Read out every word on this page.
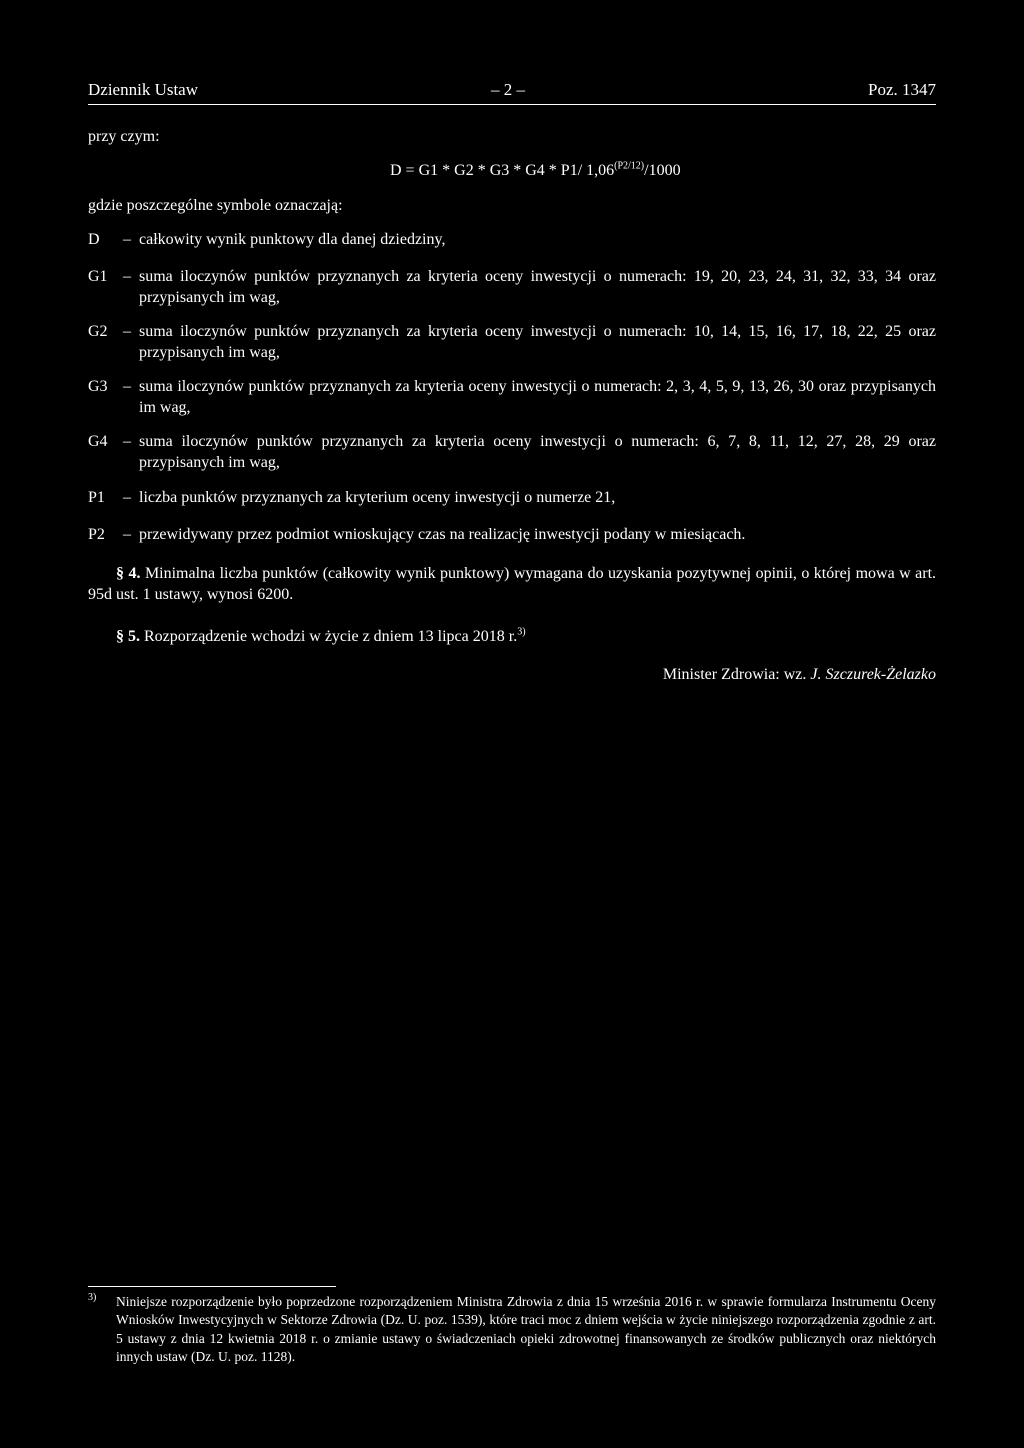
Dziennik Ustaw	– 2 –	Poz. 1347
przy czym:
D = G1 * G2 * G3 * G4 * P1/ $1,06^{(P2/12)}/1000$
gdzie poszczególne symbole oznaczają:
D – całkowity wynik punktowy dla danej dziedziny,
G1 – suma iloczynów punktów przyznanych za kryteria oceny inwestycji o numerach: 19, 20, 23, 24, 31, 32, 33, 34 oraz przypisanych im wag,
G2 – suma iloczynów punktów przyznanych za kryteria oceny inwestycji o numerach: 10, 14, 15, 16, 17, 18, 22, 25 oraz przypisanych im wag,
G3 – suma iloczynów punktów przyznanych za kryteria oceny inwestycji o numerach: 2, 3, 4, 5, 9, 13, 26, 30 oraz przypisanych im wag,
G4 – suma iloczynów punktów przyznanych za kryteria oceny inwestycji o numerach: 6, 7, 8, 11, 12, 27, 28, 29 oraz przypisanych im wag,
P1 – liczba punktów przyznanych za kryterium oceny inwestycji o numerze 21,
P2 – przewidywany przez podmiot wnioskujący czas na realizację inwestycji podany w miesiącach.
§ 4. Minimalna liczba punktów (całkowity wynik punktowy) wymagana do uzyskania pozytywnej opinii, o której mowa w art. 95d ust. 1 ustawy, wynosi 6200.
§ 5. Rozporządzenie wchodzi w życie z dniem 13 lipca 2018 r.$^{3)}$
Minister Zdrowia: wz. J. Szczurek-Żelazko
3) Niniejsze rozporządzenie było poprzedzone rozporządzeniem Ministra Zdrowia z dnia 15 września 2016 r. w sprawie formularza Instrumentu Oceny Wniosków Inwestycyjnych w Sektorze Zdrowia (Dz. U. poz. 1539), które traci moc z dniem wejścia w życie niniejszego rozporządzenia zgodnie z art. 5 ustawy z dnia 12 kwietnia 2018 r. o zmianie ustawy o świadczeniach opieki zdrowotnej finansowanych ze środków publicznych oraz niektórych innych ustaw (Dz. U. poz. 1128).
